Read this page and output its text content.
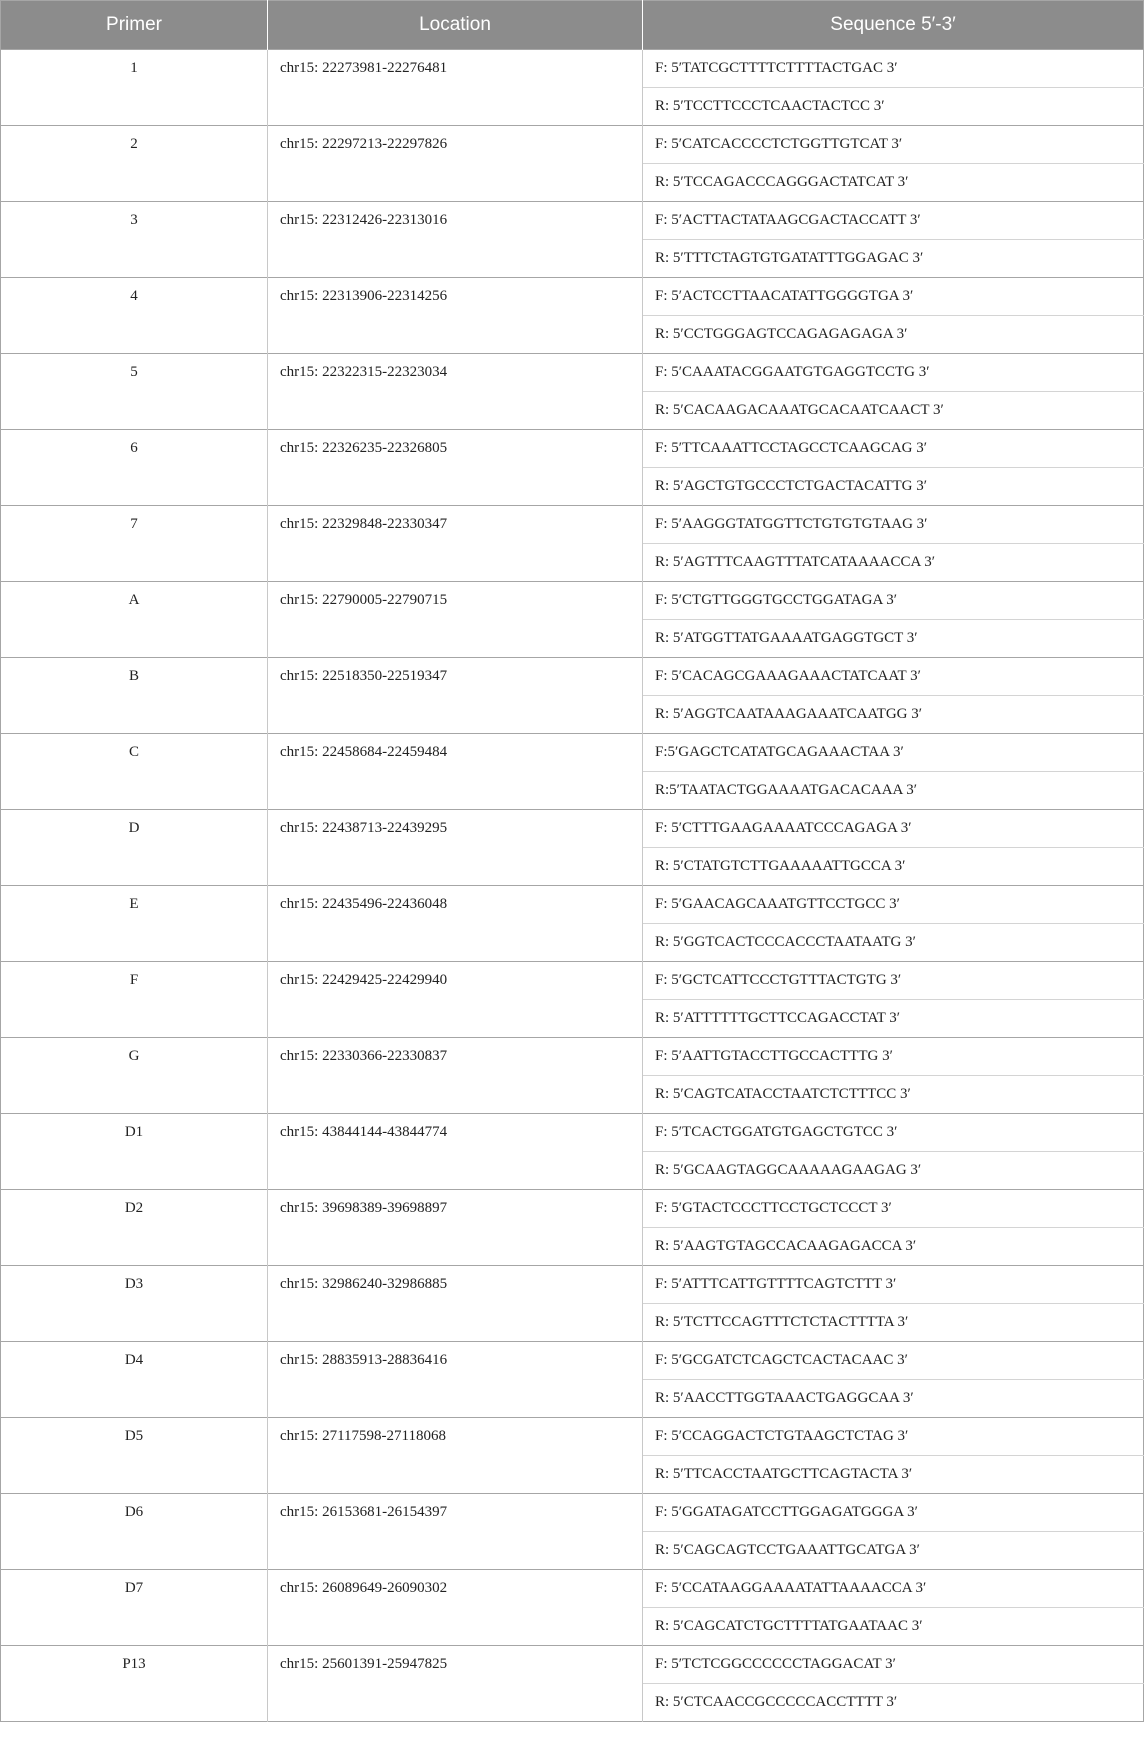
Primer	Location	Sequence 5′-3′
1	chr15: 22273981-22276481	F: 5′TATCGCTTTTCTTTTACTGAC 3′
		R: 5′TCCTTCCCTCAACTACTCC 3′
2	chr15: 22297213-22297826	F: 5′CATCACCCCTCTGGTTGTCAT 3′
		R: 5′TCCAGACCCAGGGACTATCAT 3′
3	chr15: 22312426-22313016	F: 5′ACTTACTATAAGCGACTACCATT 3′
		R: 5′TTTCTAGTGTGATATTTGGAGAC 3′
4	chr15: 22313906-22314256	F: 5′ACTCCTTAACATATTGGGGTGA 3′
		R: 5′CCTGGGAGTCCAGAGAGAGA 3′
5	chr15: 22322315-22323034	F: 5′CAAATACGGAATGTGAGGTCCTG 3′
		R: 5′CACAAGACAAATGCACAATCAACT 3′
6	chr15: 22326235-22326805	F: 5′TTCAAATTCCTAGCCTCAAGCAG 3′
		R: 5′AGCTGTGCCCTCTGACTACATTG 3′
7	chr15: 22329848-22330347	F: 5′AAGGGTATGGTTCTGTGTGTAAG 3′
		R: 5′AGTTTCAAGTTTATCATAAAACCA 3′
A	chr15: 22790005-22790715	F: 5′CTGTTGGGTGCCTGGATAGA 3′
		R: 5′ATGGTTATGAAAATGAGGTGCT 3′
B	chr15: 22518350-22519347	F: 5′CACAGCGAAAGAAACTATCAAT 3′
		R: 5′AGGTCAATAAAGAAATCAATGG 3′
C	chr15: 22458684-22459484	F:5′GAGCTCATATGCAGAAACTAA 3′
		R:5′TAATACTGGAAAATGACACAAA 3′
D	chr15: 22438713-22439295	F: 5′CTTTGAAGAAAATCCCAGAGA 3′
		R: 5′CTATGTCTTGAAAAATTGCCA 3′
E	chr15: 22435496-22436048	F: 5′GAACAGCAAATGTTCCTGCC 3′
		R: 5′GGTCACTCCCACCCTAATAATG 3′
F	chr15: 22429425-22429940	F: 5′GCTCATTCCCTGTTTACTGTG 3′
		R: 5′ATTTTTTGCTTCCAGACCTAT 3′
G	chr15: 22330366-22330837	F: 5′AATTGTACCTTGCCACTTTG 3′
		R: 5′CAGTCATACCTAATCTCTTTCC 3′
D1	chr15: 43844144-43844774	F: 5′TCACTGGATGTGAGCTGTCC 3′
		R: 5′GCAAGTAGGCAAAAAGAAGAG 3′
D2	chr15: 39698389-39698897	F: 5′GTACTCCCTTCCTGCTCCCT 3′
		R: 5′AAGTGTAGCCACAAGAGACCA 3′
D3	chr15: 32986240-32986885	F: 5′ATTTCATTGTTTTCAGTCTTT 3′
		R: 5′TCTTCCAGTTTCTCTACTTTTA 3′
D4	chr15: 28835913-28836416	F: 5′GCGATCTCAGCTCACTACAAC 3′
		R: 5′AACCTTGGTAAACTGAGGCAA 3′
D5	chr15: 27117598-27118068	F: 5′CCAGGACTCTGTAAGCTCTAG 3′
		R: 5′TTCACCTAATGCTTCAGTACTA 3′
D6	chr15: 26153681-26154397	F: 5′GGATAGATCCTTGGAGATGGGA 3′
		R: 5′CAGCAGTCCTGAAATTGCATGA 3′
D7	chr15: 26089649-26090302	F: 5′CCATAAGGAAAATATTAAAACCA 3′
		R: 5′CAGCATCTGCTTTTATGAATAAC 3′
P13	chr15: 25601391-25947825	F: 5′TCTCGGCCCCCCTAGGACAT 3′
		R: 5′CTCAACCGCCCCCACCTTTT 3′
